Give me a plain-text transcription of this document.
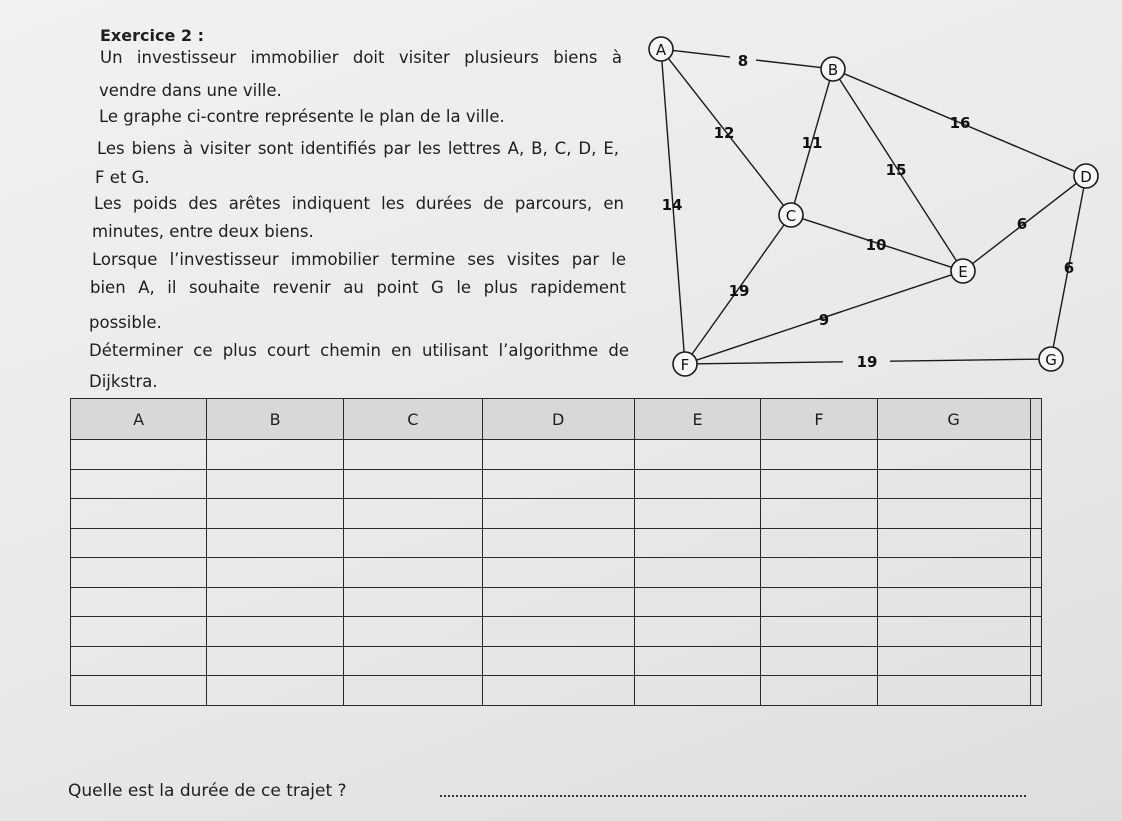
Exercice 2 :
Un investisseur immobilier doit visiter plusieurs biens à
vendre dans une ville.
Le graphe ci-contre représente le plan de la ville.
Les biens à visiter sont identifiés par les lettres A, B, C, D, E,
F et G.
Les poids des arêtes indiquent les durées de parcours, en
minutes, entre deux biens.
Lorsque l’investisseur immobilier termine ses visites par le
bien A, il souhaite revenir au point G le plus rapidement
possible.
Déterminer ce plus court chemin en utilisant l’algorithme de
Dijkstra.
8
12
14
11
16
15
10
19
6
6
9
19
A
B
C
D
E
F	G
A	B	C	D	E	F	G	

Quelle est la durée de ce trajet ?
